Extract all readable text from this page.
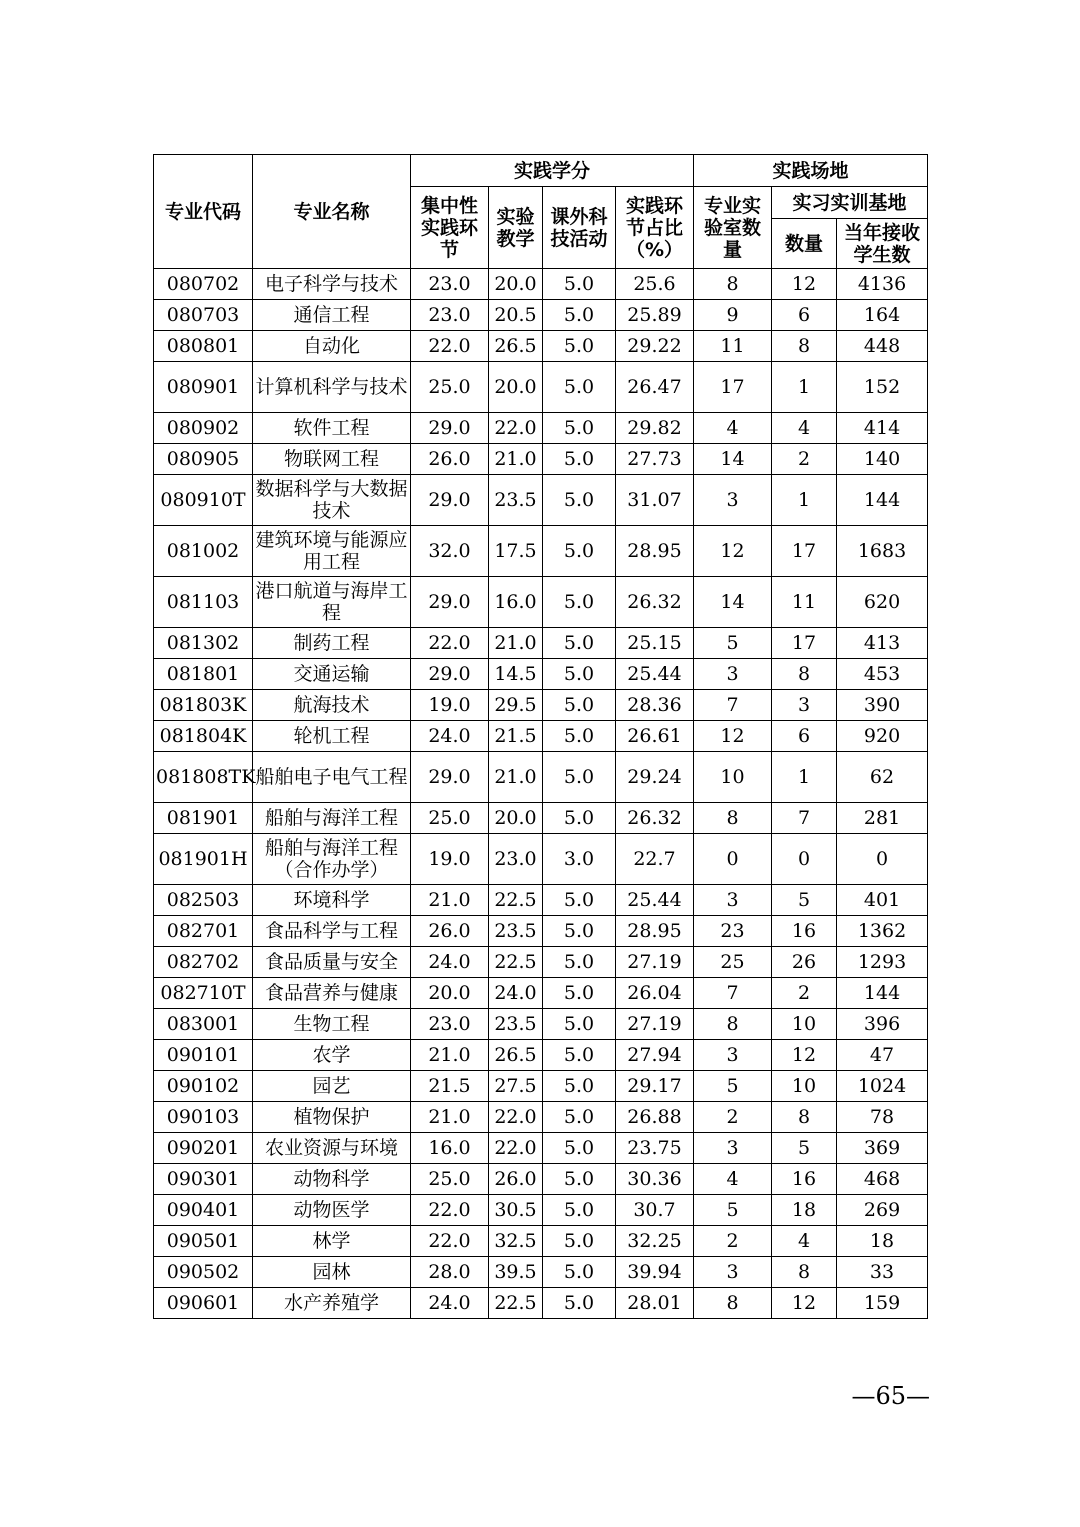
专业代码	专业名称	实践学分				实践场地		
		集中性实践环节	实验教学	课外科技活动	实践环节占比（%）	专业实验室数量	实习实训基地	
							数量	当年接收学生数
080702	电子科学与技术	23.0	20.0	5.0	25.6	8	12	4136
080703	通信工程	23.0	20.5	5.0	25.89	9	6	164
080801	自动化	22.0	26.5	5.0	29.22	11	8	448
080901	计算机科学与技术	25.0	20.0	5.0	26.47	17	1	152
080902	软件工程	29.0	22.0	5.0	29.82	4	4	414
080905	物联网工程	26.0	21.0	5.0	27.73	14	2	140
080910T	数据科学与大数据技术	29.0	23.5	5.0	31.07	3	1	144
081002	建筑环境与能源应用工程	32.0	17.5	5.0	28.95	12	17	1683
081103	港口航道与海岸工程	29.0	16.0	5.0	26.32	14	11	620
081302	制药工程	22.0	21.0	5.0	25.15	5	17	413
081801	交通运输	29.0	14.5	5.0	25.44	3	8	453
081803K	航海技术	19.0	29.5	5.0	28.36	7	3	390
081804K	轮机工程	24.0	21.5	5.0	26.61	12	6	920
081808TK	船舶电子电气工程	29.0	21.0	5.0	29.24	10	1	62
081901	船舶与海洋工程	25.0	20.0	5.0	26.32	8	7	281
081901H	船舶与海洋工程（合作办学）	19.0	23.0	3.0	22.7	0	0	0
082503	环境科学	21.0	22.5	5.0	25.44	3	5	401
082701	食品科学与工程	26.0	23.5	5.0	28.95	23	16	1362
082702	食品质量与安全	24.0	22.5	5.0	27.19	25	26	1293
082710T	食品营养与健康	20.0	24.0	5.0	26.04	7	2	144
083001	生物工程	23.0	23.5	5.0	27.19	8	10	396
090101	农学	21.0	26.5	5.0	27.94	3	12	47
090102	园艺	21.5	27.5	5.0	29.17	5	10	1024
090103	植物保护	21.0	22.0	5.0	26.88	2	8	78
090201	农业资源与环境	16.0	22.0	5.0	23.75	3	5	369
090301	动物科学	25.0	26.0	5.0	30.36	4	16	468
090401	动物医学	22.0	30.5	5.0	30.7	5	18	269
090501	林学	22.0	32.5	5.0	32.25	2	4	18
090502	园林	28.0	39.5	5.0	39.94	3	8	33
090601	水产养殖学	24.0	22.5	5.0	28.01	8	12	159
—65—
